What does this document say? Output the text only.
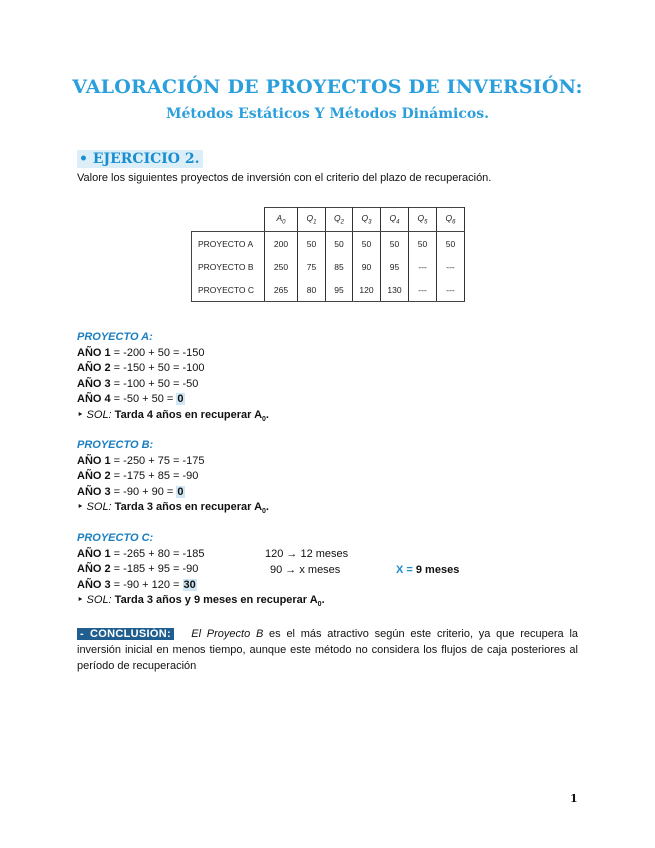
VALORACIÓN DE PROYECTOS DE INVERSIÓN:
Métodos Estáticos Y Métodos Dinámicos.
• EJERCICIO 2.
Valore los siguientes proyectos de inversión con el criterio del plazo de recuperación.
	$A_0$	$Q_1$	$Q_2$	$Q_3$	$Q_4$	$Q_5$	$Q_6$
PROYECTO A	200	50	50	50	50	50	50
PROYECTO B	250	75	85	90	95	---	---
PROYECTO C	265	80	95	120	130	---	---
PROYECTO A:
AÑO 1 = -200 + 50 = -150
AÑO 2 = -150 + 50 = -100
AÑO 3 = -100 + 50 = -50
AÑO 4 = -50 + 50 = 0
‣ SOL: Tarda 4 años en recuperar $A_0$.
PROYECTO B:
AÑO 1 = -250 + 75 = -175
AÑO 2 = -175 + 85 = -90
AÑO 3 = -90 + 90 = 0
‣ SOL: Tarda 3 años en recuperar $A_0$.
PROYECTO C:
AÑO 1 = -265 + 80 = -185
AÑO 2 = -185 + 95 = -90
AÑO 3 = -90 + 120 = 30
‣ SOL: Tarda 3 años y 9 meses en recuperar $A_0$.
120 → 12 meses
90 → x meses	X = 9 meses
- CONCLUSIÓN: El Proyecto B es el más atractivo según este criterio, ya que recupera la inversión inicial en menos tiempo, aunque este método no considera los flujos de caja posteriores al período de recuperación
1
